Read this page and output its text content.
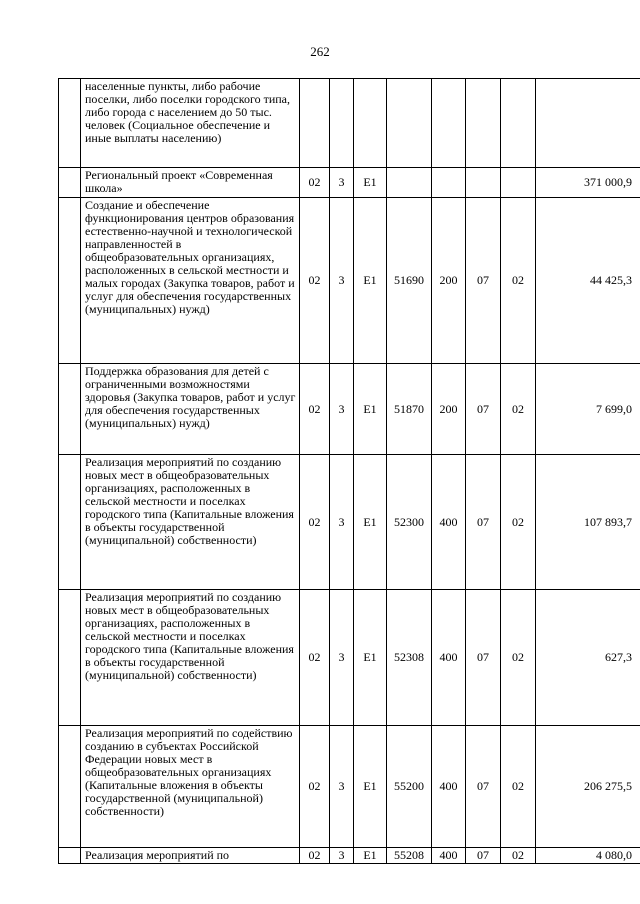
262
	населенные пункты, либо рабочие поселки, либо поселки городского типа, либо города с населением до 50 тыс. человек (Социальное обеспечение и иные выплаты населению)								
	Региональный проект «Современная школа»	02	3	E1					371 000,9
	Создание и обеспечение функционирования центров образования естественно-научной и технологической направленностей в общеобразовательных организациях, расположенных в сельской местности и малых городах (Закупка товаров, работ и услуг для обеспечения государственных (муниципальных) нужд)	02	3	E1	51690	200	07	02	44 425,3
	Поддержка образования для детей с ограниченными возможностями здоровья (Закупка товаров, работ и услуг для обеспечения государственных (муниципальных) нужд)	02	3	E1	51870	200	07	02	7 699,0
	Реализация мероприятий по созданию новых мест в общеобразовательных организациях, расположенных в сельской местности и поселках городского типа (Капитальные вложения в объекты государственной (муниципальной) собственности)	02	3	E1	52300	400	07	02	107 893,7
	Реализация мероприятий по созданию новых мест в общеобразовательных организациях, расположенных в сельской местности и поселках городского типа (Капитальные вложения в объекты государственной (муниципальной) собственности)	02	3	E1	52308	400	07	02	627,3
	Реализация мероприятий по содействию созданию в субъектах Российской Федерации новых мест в общеобразовательных организациях (Капитальные вложения в объекты государственной (муниципальной) собственности)	02	3	E1	55200	400	07	02	206 275,5
	Реализация мероприятий по	02	3	E1	55208	400	07	02	4 080,0
